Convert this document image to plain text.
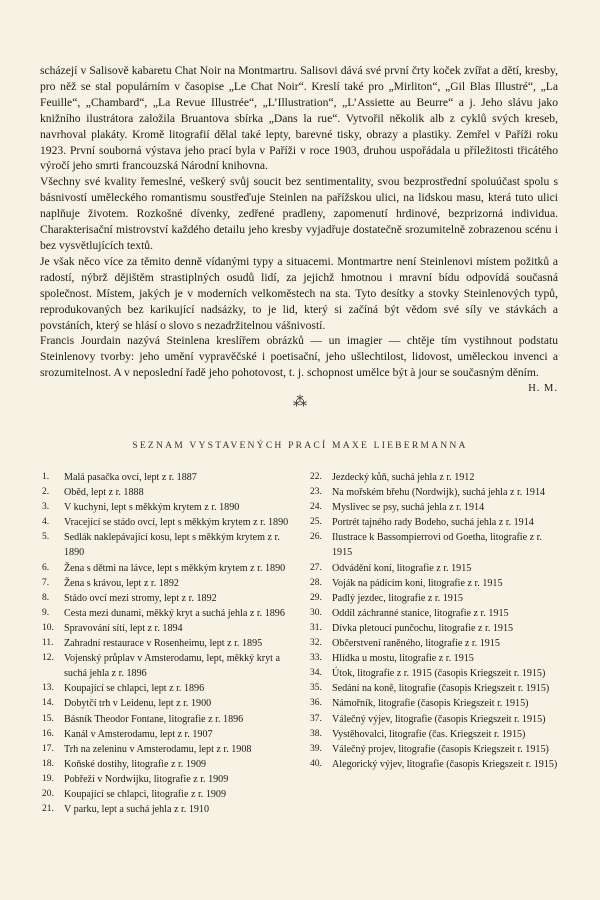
scházejí v Salisově kabaretu Chat Noir na Montmartru. Salisovi dává své první črty koček zvířat a dětí, kresby, pro něž se stal populárním v časopise „Le Chat Noir“. Kreslí také pro „Mirliton“, „Gil Blas Illustré“, „La Feuille“, „Chambard“, „La Revue Illustrée“, „L’Illustration“, „L’Assiette au Beurre“ a j. Jeho slávu jako knižního ilustrátora založila Bruantova sbírka „Dans la rue“. Vytvořil několik alb z cyklů svých kreseb, navrhoval plakáty. Kromě litografií dělal také lepty, barevné tisky, obrazy a plastiky. Zemřel v Paříži roku 1923. První souborná výstava jeho prací byla v Paříži v roce 1903, druhou uspořádala u příležitosti třicátého výročí jeho smrti francouzská Národní knihovna.

Všechny své kvality řemeslné, veškerý svůj soucit bez sentimentality, svou bezprostřední spoluúčast spolu s básnivostí uměleckého romantismu soustřeďuje Steinlen na pařížskou ulici, na lidskou masu, která tuto ulici naplňuje životem. Rozkošné dívenky, zedřené pradleny, zapomenutí hrdinové, bezprizorná individua. Charakterisační mistrovství každého detailu jeho kresby vyjadřuje dostatečně srozumitelně zobrazenou scénu i bez vysvětlujících textů.

Je však něco více za těmito denně vídanými typy a situacemi. Montmartre není Steinlenovi místem požitků a radostí, nýbrž dějištěm strastiplných osudů lidí, za jejichž hmotnou i mravní bídu odpovídá současná společnost. Místem, jakých je v moderních velkoměstech na sta. Tyto desítky a stovky Steinlenových typů, reprodukovaných bez karikující nadsázky, to je lid, který si začíná být vědom své síly ve stávkách a povstáních, který se hlásí o slovo s nezadržitelnou vášnivostí.

Francis Jourdain nazývá Steinlena kreslířem obrázků — un imagier — chtěje tím vystihnout podstatu Steinlenovy tvorby: jeho umění vypravěčské i poetisační, jeho ušlechtilost, lidovost, uměleckou invenci a srozumitelnost. A v neposlední řadě jeho pohotovost, t. j. schopnost umělce být à jour se současným děním.
H. M.

⁂
SEZNAM VYSTAVENÝCH PRACÍ MAXE LIEBERMANNA
1.	Malá pasačka ovcí, lept z r. 1887
2.	Oběd, lept z r. 1888
3.	V kuchyni, lept s měkkým krytem z r. 1890
4.	Vracející se stádo ovcí, lept s měkkým krytem z r. 1890
5.	Sedlák naklepávající kosu, lept s měkkým krytem z r. 1890
6.	Žena s dětmi na lávce, lept s měkkým krytem z r. 1890
7.	Žena s krávou, lept z r. 1892
8.	Stádo ovcí mezi stromy, lept z r. 1892
9.	Cesta mezi dunami, měkký kryt a suchá jehla z r. 1896
10.	Spravování sítí, lept z r. 1894
11.	Zahradní restaurace v Rosenheimu, lept z r. 1895
12.	Vojenský průplav v Amsterodamu, lept, měkký kryt a suchá jehla z r. 1896
13.	Koupající se chlapci, lept z r. 1896
14.	Dobytčí trh v Leidenu, lept z r. 1900
15.	Básník Theodor Fontane, litografie z r. 1896
16.	Kanál v Amsterodamu, lept z r. 1907
17.	Trh na zeleninu v Amsterodamu, lept z r. 1908
18.	Koňské dostihy, litografie z r. 1909
19.	Pobřeží v Nordwijku, litografie z r. 1909
20.	Koupající se chlapci, litografie z r. 1909
21.	V parku, lept a suchá jehla z r. 1910
22.	Jezdecký kůň, suchá jehla z r. 1912
23.	Na mořském břehu (Nordwijk), suchá jehla z r. 1914
24.	Myslivec se psy, suchá jehla z r. 1914
25.	Portrét tajného rady Bodeho, suchá jehla z r. 1914
26.	Ilustrace k Bassompierrovi od Goetha, litografie z r. 1915
27.	Odvádění koní, litografie z r. 1915
28.	Voják na pádícím koni, litografie z r. 1915
29.	Padlý jezdec, litografie z r. 1915
30.	Oddíl záchranné stanice, litografie z r. 1915
31.	Dívka pletoucí punčochu, litografie z r. 1915
32.	Občerstvení raněného, litografie z r. 1915
33.	Hlídka u mostu, litografie z r. 1915
34.	Útok, litografie z r. 1915 (časopis Kriegszeit r. 1915)
35.	Sedání na koně, litografie (časopis Kriegszeit r. 1915)
36.	Námořník, litografie (časopis Kriegszeit r. 1915)
37.	Válečný výjev, litografie (časopis Kriegszeit r. 1915)
38.	Vystěhovalci, litografie (čas. Kriegszeit r. 1915)
39.	Válečný projev, litografie (časopis Kriegszeit r. 1915)
40.	Alegorický výjev, litografie (časopis Kriegszeit r. 1915)
